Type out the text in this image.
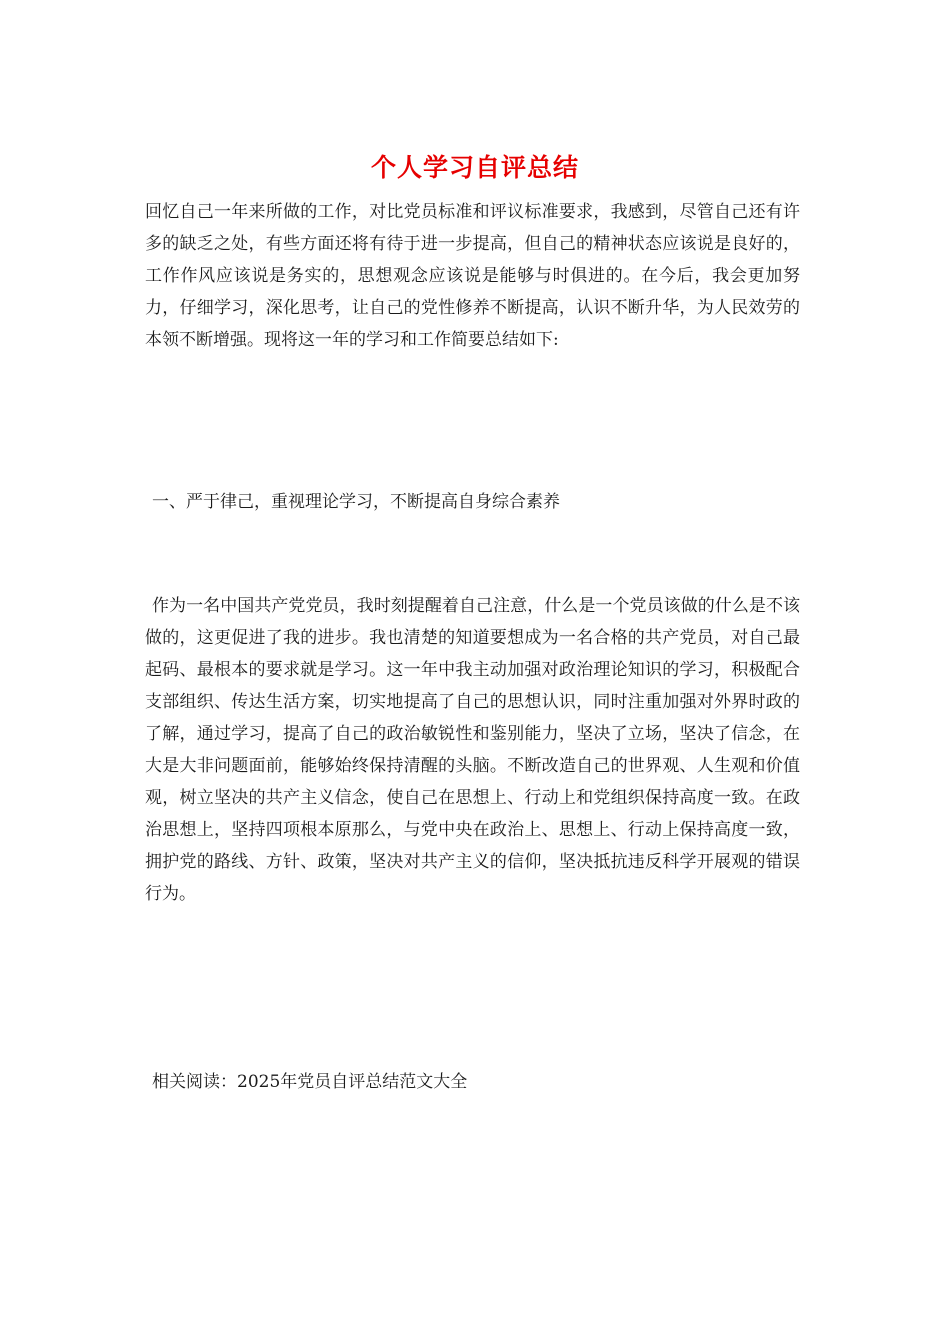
个人学习自评总结

回忆自己一年来所做的工作，对比党员标准和评议标准要求，我感到，尽管自己还有许多的缺乏之处，有些方面还将有待于进一步提高，但自己的精神状态应该说是良好的，工作作风应该说是务实的，思想观念应该说是能够与时俱进的。在今后，我会更加努力，仔细学习，深化思考，让自己的党性修养不断提高，认识不断升华，为人民效劳的本领不断增强。现将这一年的学习和工作简要总结如下:

一、严于律己，重视理论学习，不断提高自身综合素养

作为一名中国共产党党员，我时刻提醒着自己注意，什么是一个党员该做的什么是不该做的，这更促进了我的进步。我也清楚的知道要想成为一名合格的共产党员，对自己最起码、最根本的要求就是学习。这一年中我主动加强对政治理论知识的学习，积极配合支部组织、传达生活方案，切实地提高了自己的思想认识，同时注重加强对外界时政的了解，通过学习，提高了自己的政治敏锐性和鉴别能力，坚决了立场，坚决了信念，在大是大非问题面前，能够始终保持清醒的头脑。不断改造自己的世界观、人生观和价值观，树立坚决的共产主义信念，使自己在思想上、行动上和党组织保持高度一致。在政治思想上，坚持四项根本原那么，与党中央在政治上、思想上、行动上保持高度一致，拥护党的路线、方针、政策，坚决对共产主义的信仰，坚决抵抗违反科学开展观的错误行为。

相关阅读：2025年党员自评总结范文大全
